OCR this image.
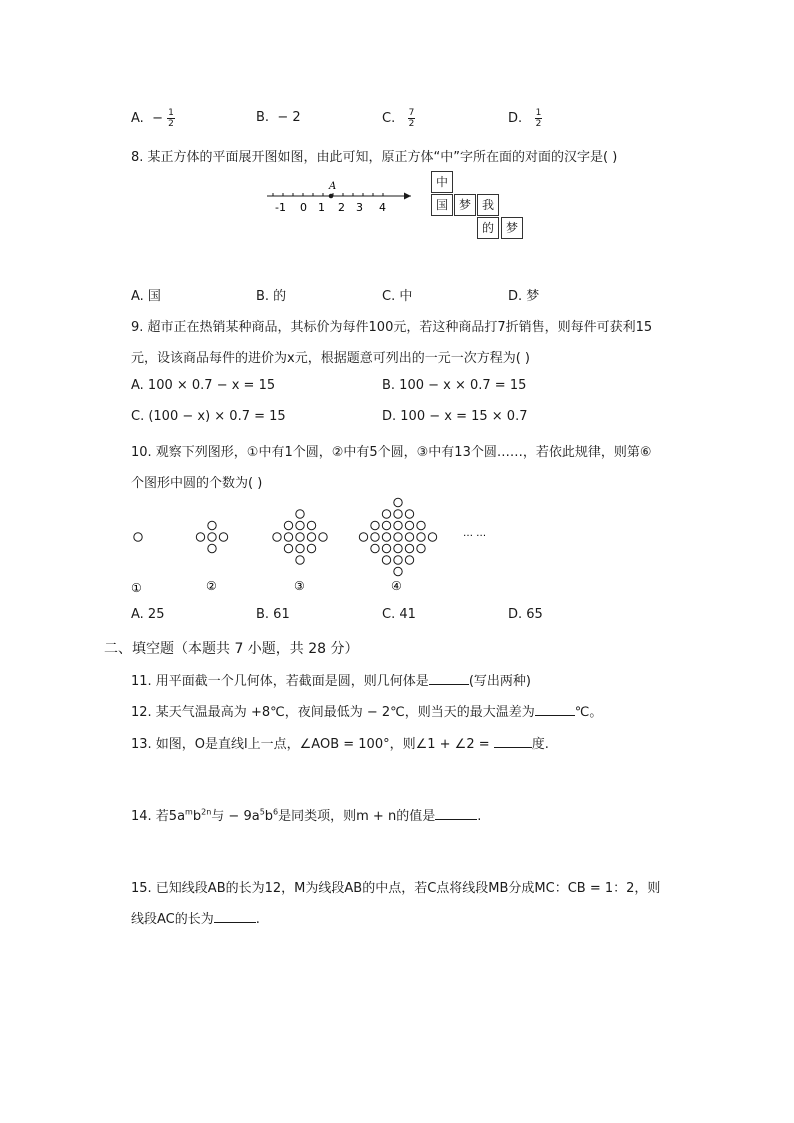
A. − $\frac{1}{2}$	B. − 2	C. $\frac{7}{2}$	D. $\frac{1}{2}$
8. 某正方体的平面展开图如图，由此可知，原正方体“中”字所在面的对面的汉字是( )
A
-1 0 1 2 3 4
中
国 梦 我
的 梦
A. 国	B. 的	C. 中	D. 梦
9. 超市正在热销某种商品，其标价为每件100元，若这种商品打7折销售，则每件可获利15
元，设该商品每件的进价为x元，根据题意可列出的一元一次方程为( )
A. 100 × 0.7 − x = 15	B. 100 − x × 0.7 = 15
C. (100 − x) × 0.7 = 15	D. 100 − x = 15 × 0.7
10. 观察下列图形，①中有1个圆，②中有5个圆，③中有13个圆……，若依此规律，则第⑥
个图形中圆的个数为( )
… …
①	②	③	④
A. 25	B. 61	C. 41	D. 65
二、填空题（本题共 7 小题，共 28 分）
11. 用平面截一个几何体，若截面是圆，则几何体是	(写出两种)
12. 某天气温最高为 +8℃，夜间最低为 − 2℃，则当天的最大温差为	℃。
13. 如图，O是直线l上一点，∠AOB = 100°，则∠1 + ∠2 =	度.
14. 若$5a^mb^{2n}$与 − $9a^5b^6$是同类项，则m + n的值是	.
15. 已知线段AB的长为12，M为线段AB的中点，若C点将线段MB分成MC：CB = 1：2，则
线段AC的长为	.
